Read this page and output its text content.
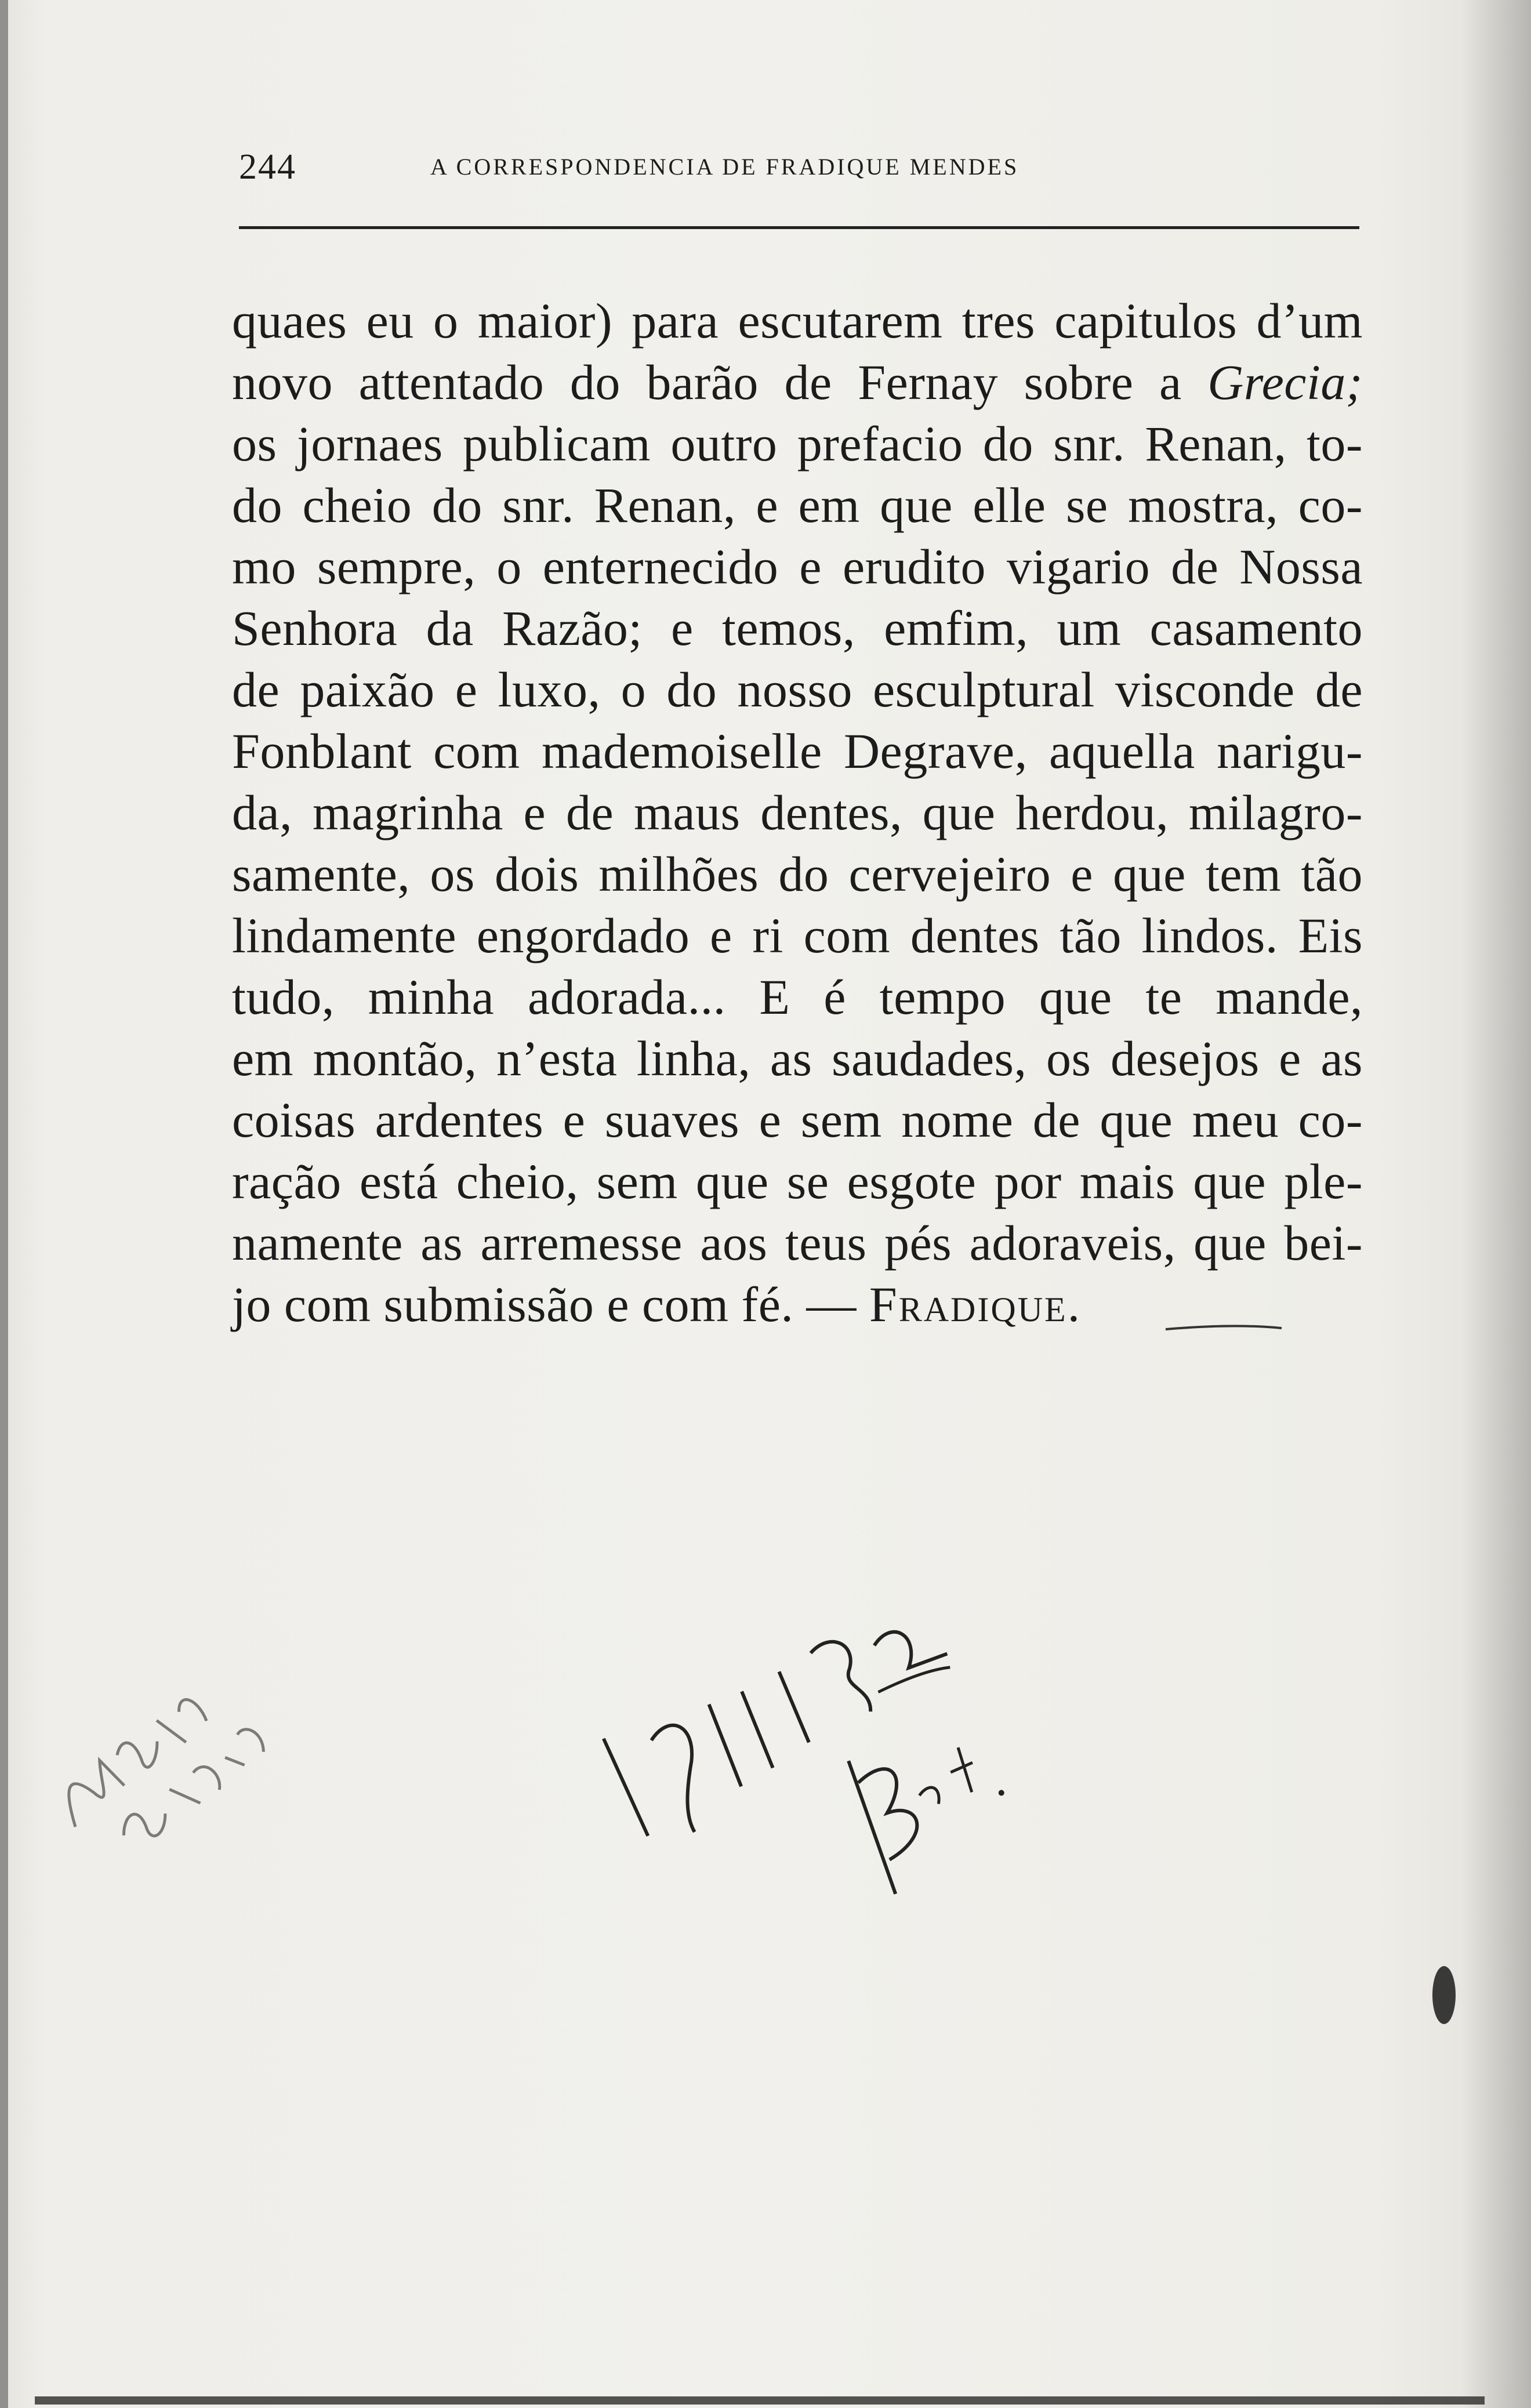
244	A CORRESPONDENCIA DE FRADIQUE MENDES
quaes eu o maior) para escutarem tres capitulos d’um
novo attentado do barão de Fernay sobre a Grecia;
os jornaes publicam outro prefacio do snr. Renan, to-
do cheio do snr. Renan, e em que elle se mostra, co-
mo sempre, o enternecido e erudito vigario de Nossa
Senhora da Razão; e temos, emfim, um casamento
de paixão e luxo, o do nosso esculptural visconde de
Fonblant com mademoiselle Degrave, aquella narigu-
da, magrinha e de maus dentes, que herdou, milagro-
samente, os dois milhões do cervejeiro e que tem tão
lindamente engordado e ri com dentes tão lindos. Eis
tudo, minha adorada... E é tempo que te mande,
em montão, n’esta linha, as saudades, os desejos e as
coisas ardentes e suaves e sem nome de que meu co-
ração está cheio, sem que se esgote por mais que ple-
namente as arremesse aos teus pés adoraveis, que bei-
jo com submissão e com fé. — Fradique.
